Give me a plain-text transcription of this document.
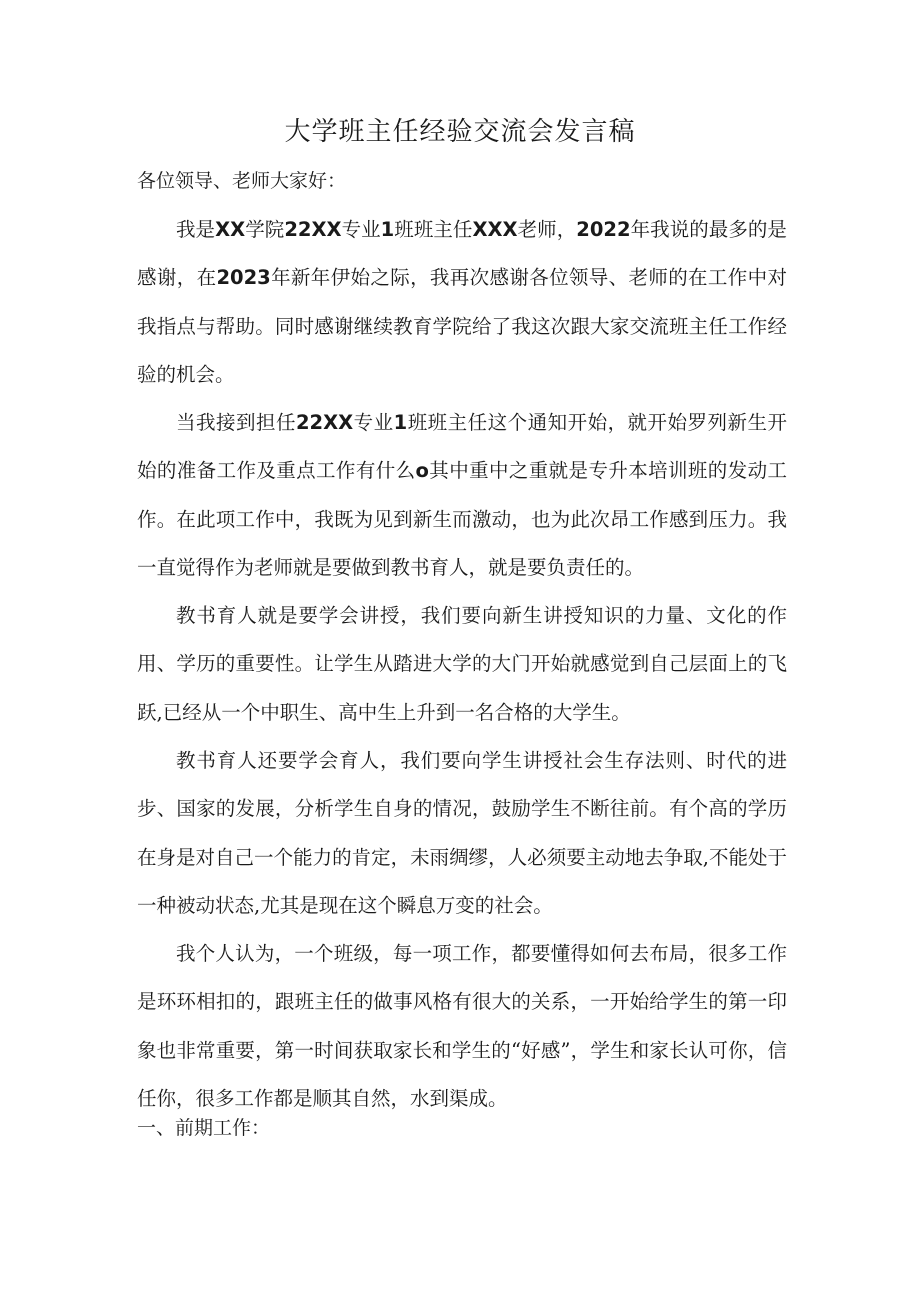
大学班主任经验交流会发言稿
各位领导、老师大家好：

我是XX学院22XX专业1班班主任XXX老师，2022年我说的最多的是感谢，在2023年新年伊始之际，我再次感谢各位领导、老师的在工作中对我指点与帮助。同时感谢继续教育学院给了我这次跟大家交流班主任工作经验的机会。

当我接到担任22XX专业1班班主任这个通知开始，就开始罗列新生开始的准备工作及重点工作有什么o其中重中之重就是专升本培训班的发动工作。在此项工作中，我既为见到新生而激动，也为此次昂工作感到压力。我一直觉得作为老师就是要做到教书育人，就是要负责任的。

教书育人就是要学会讲授，我们要向新生讲授知识的力量、文化的作用、学历的重要性。让学生从踏进大学的大门开始就感觉到自己层面上的飞跃,已经从一个中职生、高中生上升到一名合格的大学生。

教书育人还要学会育人，我们要向学生讲授社会生存法则、时代的进步、国家的发展，分析学生自身的情况，鼓励学生不断往前。有个高的学历在身是对自己一个能力的肯定，未雨绸缪，人必须要主动地去争取,不能处于一种被动状态,尤其是现在这个瞬息万变的社会。

我个人认为，一个班级，每一项工作，都要懂得如何去布局，很多工作是环环相扣的，跟班主任的做事风格有很大的关系，一开始给学生的第一印象也非常重要，第一时间获取家长和学生的“好感”，学生和家长认可你，信任你，很多工作都是顺其自然，水到渠成。

一、前期工作：
